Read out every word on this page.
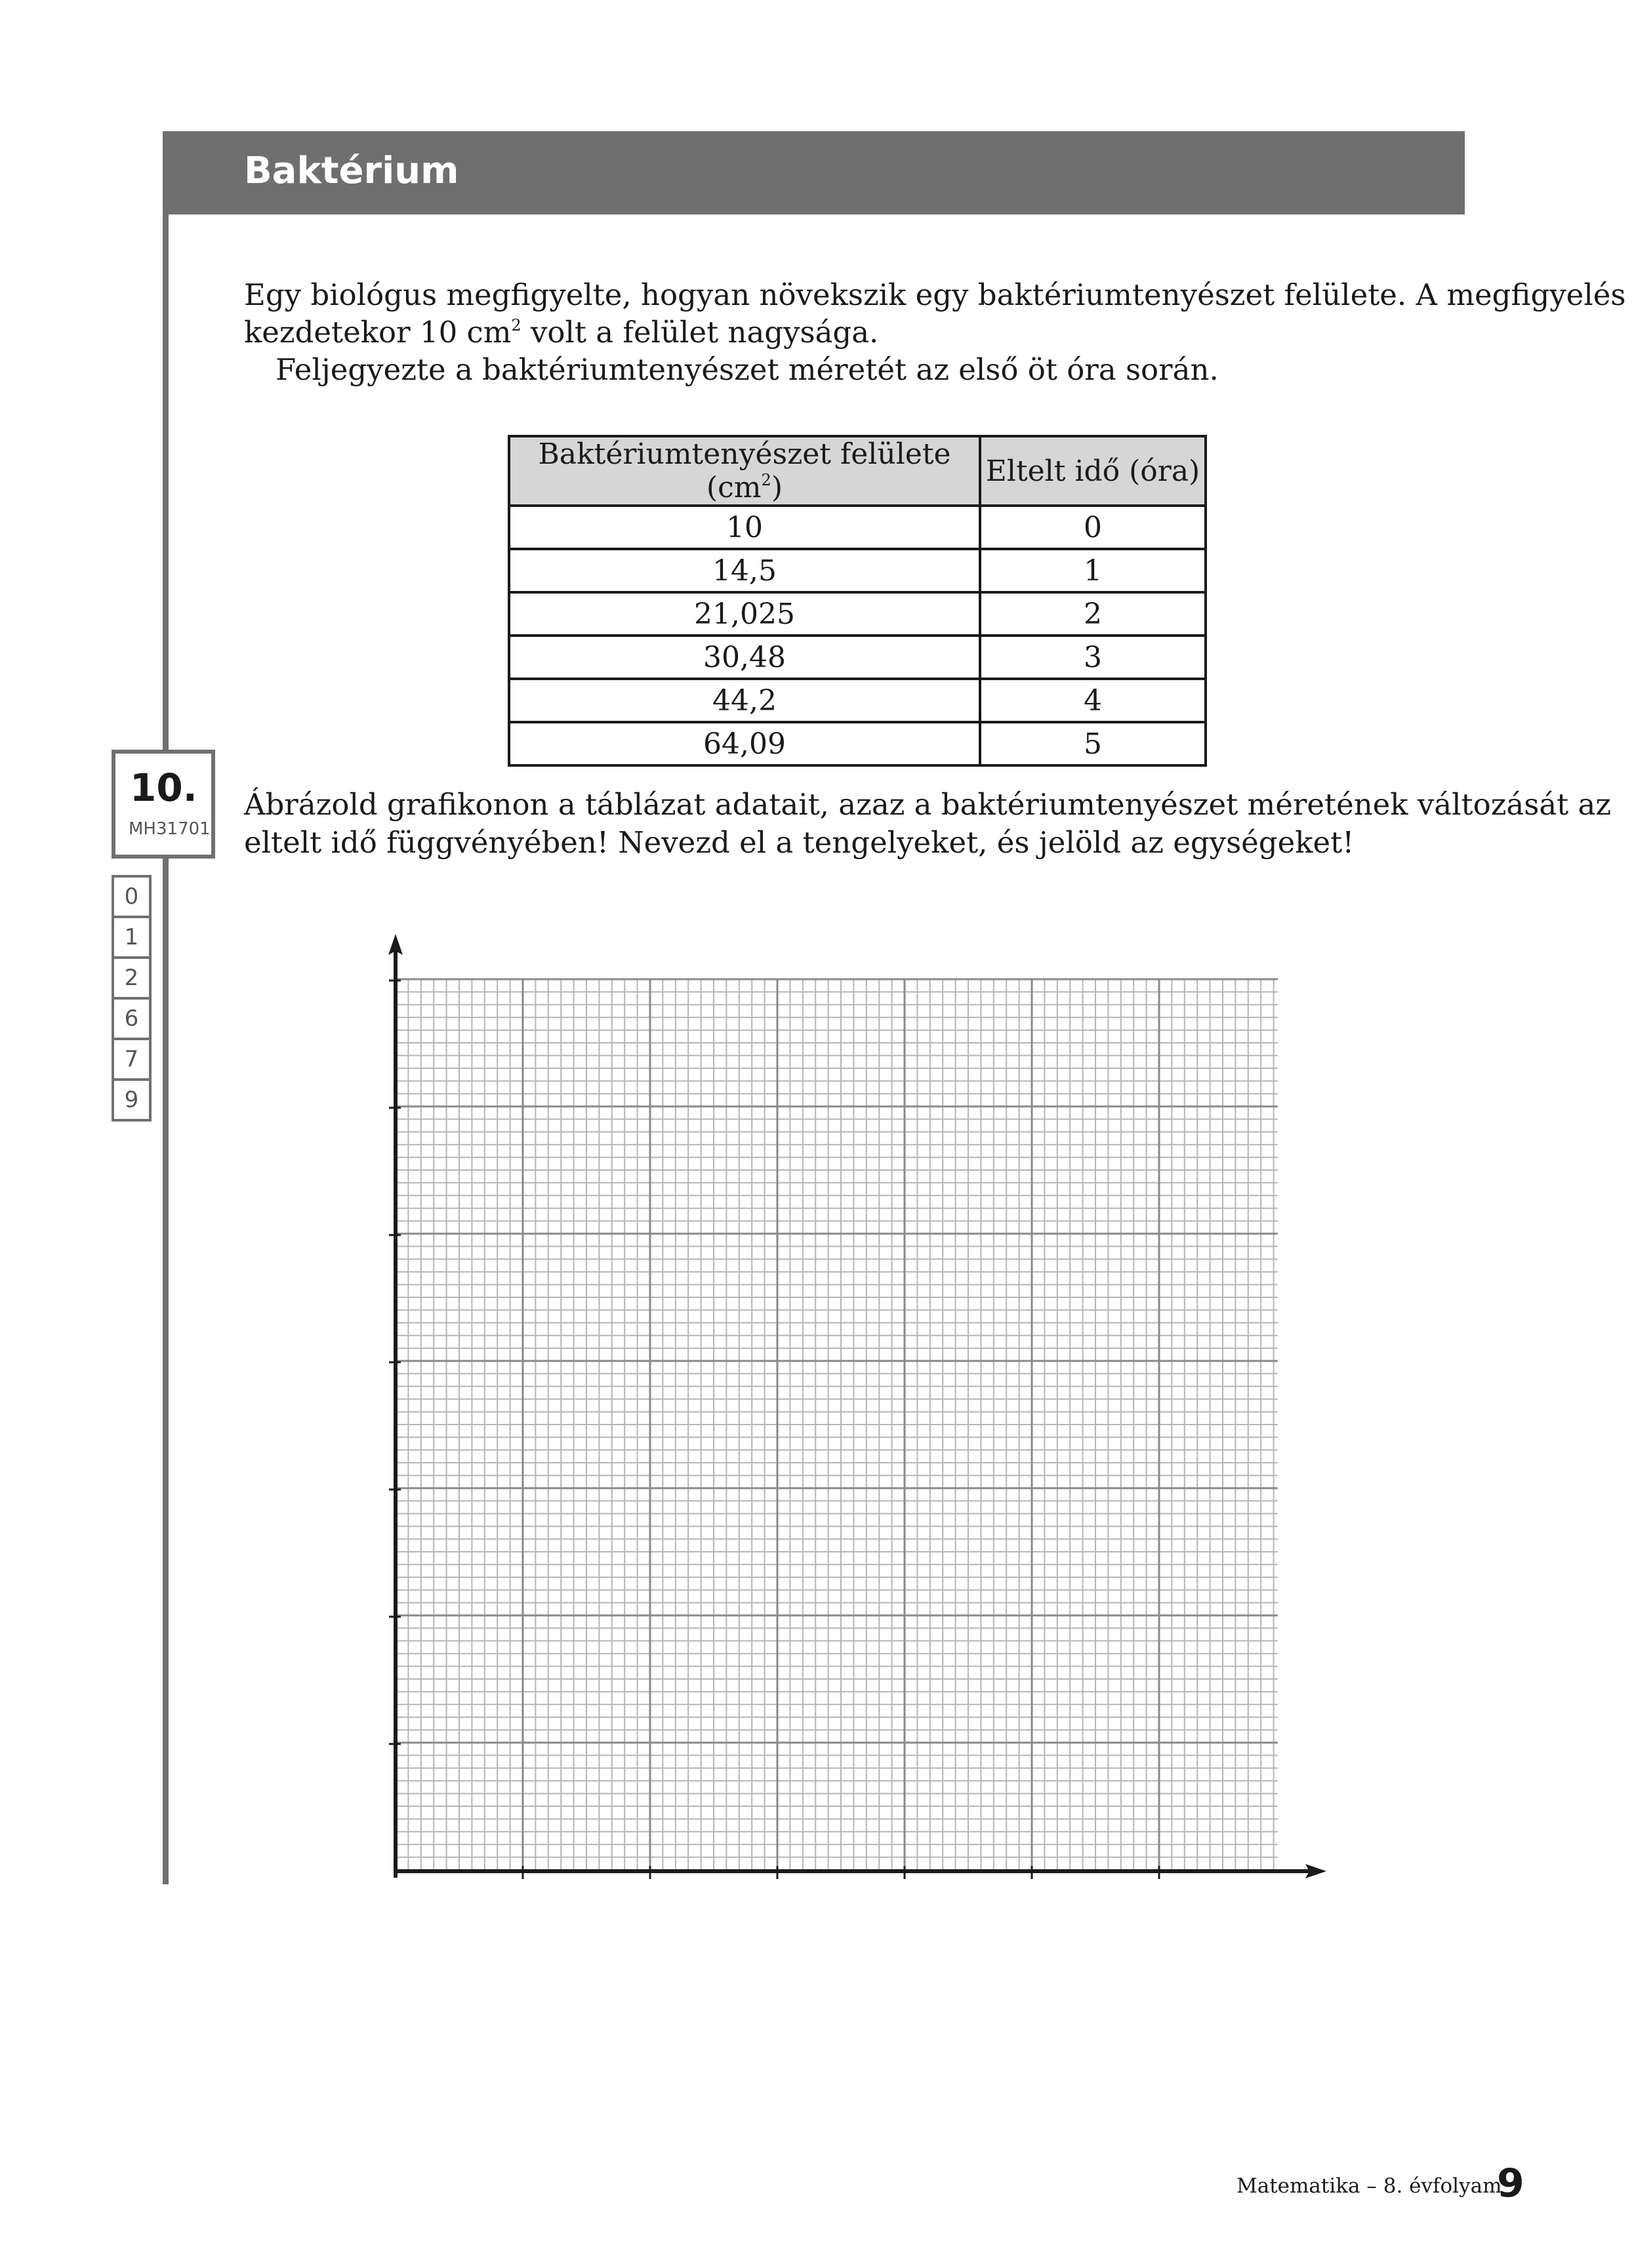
Baktérium
Egy biológus megfigyelte, hogyan növekszik egy baktériumtenyészet felülete. A megfigyelés
kezdetekor 10 $cm^2$ volt a felület nagysága.
Feljegyezte a baktériumtenyészet méretét az első öt óra során.
Baktériumtenyészet felülete $(cm^2)$	Eltelt idő (óra)
10	0
14,5	1
21,025	2
30,48	3
44,2	4
64,09	5
10.
MH31701
0
1
2
6
7
9
Ábrázold grafikonon a táblázat adatait, azaz a baktériumtenyészet méretének változását az
eltelt idő függvényében! Nevezd el a tengelyeket, és jelöld az egységeket!
Matematika – 8. évfolyam
9
